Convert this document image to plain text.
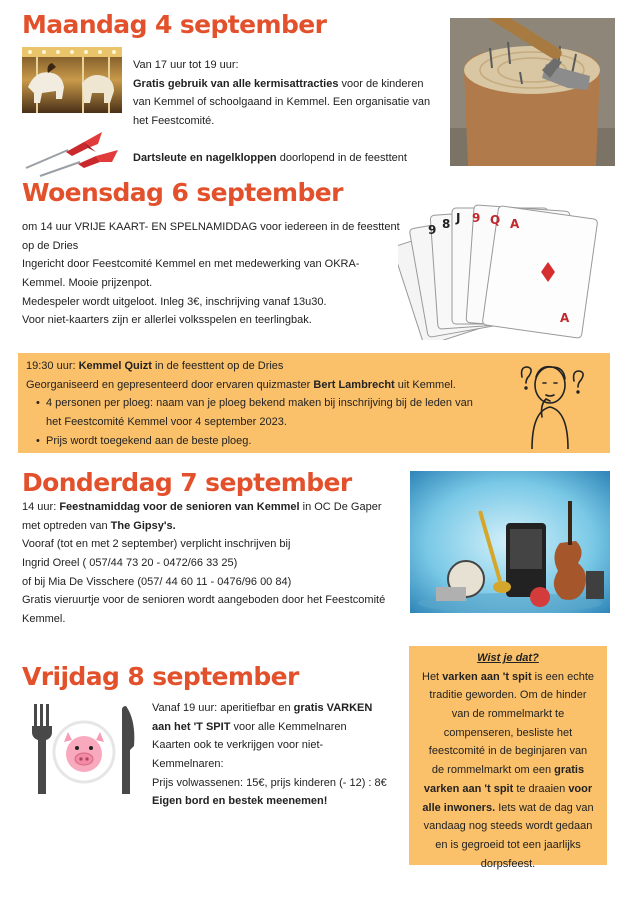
Maandag 4 september
Van 17 uur tot 19 uur:
Gratis gebruik van alle kermisattracties voor de kinderen
van Kemmel of schoolgaand in Kemmel. Een organisatie van
het Feestcomité.
Dartsleute en nagelkloppen doorlopend in de feesttent
Woensdag 6 september
om 14 uur VRIJE KAART- EN SPELNAMIDDAG voor iedereen in de feesttent
op de Dries
Ingericht door Feestcomité Kemmel en met medewerking van OKRA-
Kemmel. Mooie prijzenpot.
Medespeler wordt uitgeloot. Inleg 3€, inschrijving vanaf 13u30.
Voor niet-kaarters zijn er allerlei volksspelen en teerlingbak.
9 8 J 9 Q A
A
19:30 uur: Kemmel Quizt in de feesttent op de Dries
Georganiseerd en gepresenteerd door ervaren quizmaster Bert Lambrecht uit Kemmel.
• 4 personen per ploeg: naam van je ploeg bekend maken bij inschrijving bij de leden van
het Feestcomité Kemmel voor 4 september 2023.
• Prijs wordt toegekend aan de beste ploeg.
Donderdag 7 september
14 uur: Feestnamiddag voor de senioren van Kemmel in OC De Gaper
met optreden van The Gipsy's.
Vooraf (tot en met 2 september) verplicht inschrijven bij
Ingrid Oreel ( 057/44 73 20 - 0472/66 33 25)
of bij Mia De Visschere (057/ 44 60 11 - 0476/96 00 84)
Gratis vieruurtje voor de senioren wordt aangeboden door het Feestcomité
Kemmel.
Vrijdag 8 september
Vanaf 19 uur: aperitiefbar en gratis VARKEN
aan het 'T SPIT voor alle Kemmelnaren
Kaarten ook te verkrijgen voor niet-
Kemmelnaren:
Prijs volwassenen: 15€, prijs kinderen (- 12) : 8€
Eigen bord en bestek meenemen!
Wist je dat?
Het varken aan 't spit is een echte
traditie geworden. Om de hinder
van de rommelmarkt te
compenseren, besliste het
feestcomité in de beginjaren van
de rommelmarkt om een gratis
varken aan 't spit te draaien voor
alle inwoners. Iets wat de dag van
vandaag nog steeds wordt gedaan
en is gegroeid tot een jaarlijks
dorpsfeest.
